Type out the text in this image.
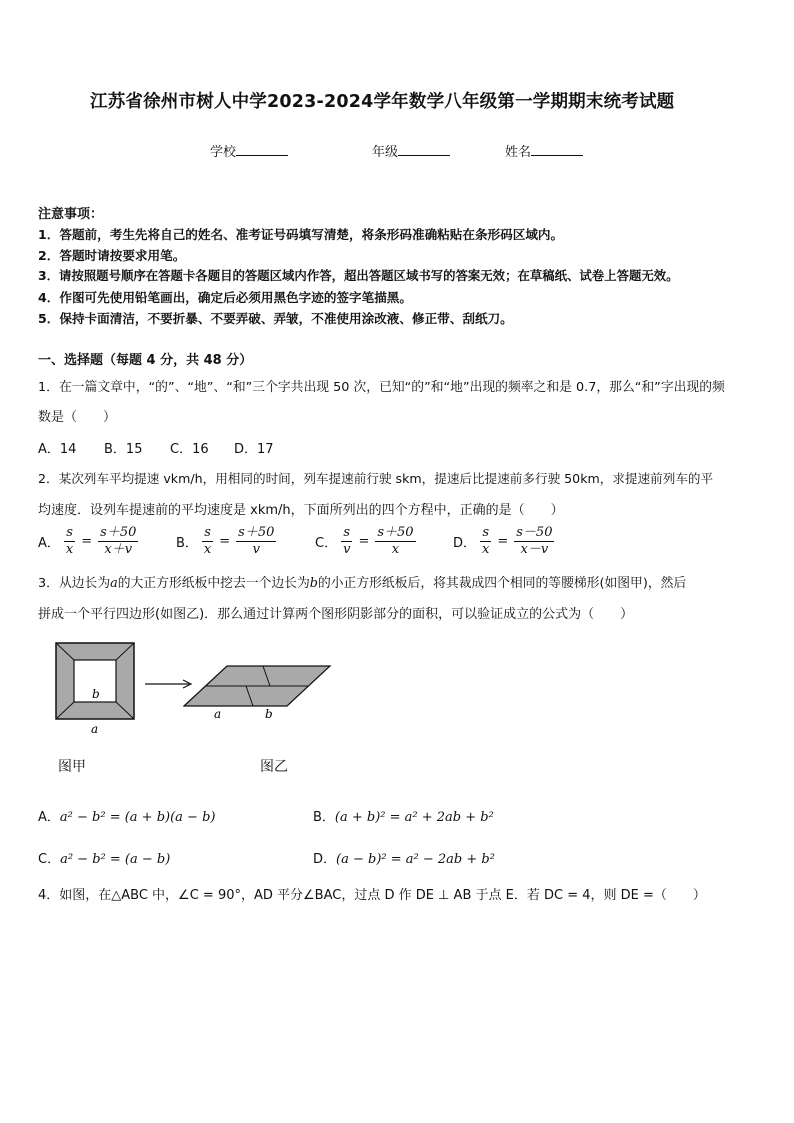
江苏省徐州市树人中学2023-2024学年数学八年级第一学期期末统考试题
学校	年级	姓名
注意事项：
1．答题前，考生先将自己的姓名、准考证号码填写清楚，将条形码准确粘贴在条形码区域内。
2．答题时请按要求用笔。
3．请按照题号顺序在答题卡各题目的答题区域内作答，超出答题区域书写的答案无效；在草稿纸、试卷上答题无效。
4．作图可先使用铅笔画出，确定后必须用黑色字迹的签字笔描黑。
5．保持卡面清洁，不要折暴、不要弄破、弄皱，不准使用涂改液、修正带、刮纸刀。
一、选择题（每题 4 分，共 48 分）
1．在一篇文章中，“的”、“地”、“和”三个字共出现 50 次，已知“的”和“地”出现的频率之和是 0.7，那么“和”字出现的频
数是（　　）
A．14 B．15 C．16 D．17
2．某次列车平均提速 vkm/h，用相同的时间，列车提速前行驶 skm，提速后比提速前多行驶 50km，求提速前列车的平
均速度．设列车提速前的平均速度是 xkm/h，下面所列出的四个方程中，正确的是（　　）
A． $\frac{s}{x} = \frac{s+50}{x+v}$	B． $\frac{s}{x} = \frac{s+50}{v}$	C． $\frac{s}{v} = \frac{s+50}{x}$	D． $\frac{s}{x} = \frac{s-50}{x-v}$
3．从边长为a的大正方形纸板中挖去一个边长为b的小正方形纸板后，将其裁成四个相同的等腰梯形(如图甲)，然后
拼成一个平行四边形(如图乙)．那么通过计算两个图形阴影部分的面积，可以验证成立的公式为（　　）
b
a
a	b
图甲	图乙
A．a² − b² = (a + b)(a − b)	B．(a + b)² = a² + 2ab + b²
C．a² − b² = (a − b)	D．(a − b)² = a² − 2ab + b²
4．如图，在△ABC 中，∠C = 90°，AD 平分∠BAC，过点 D 作 DE ⊥ AB 于点 E．若 DC = 4，则 DE =（　　）
